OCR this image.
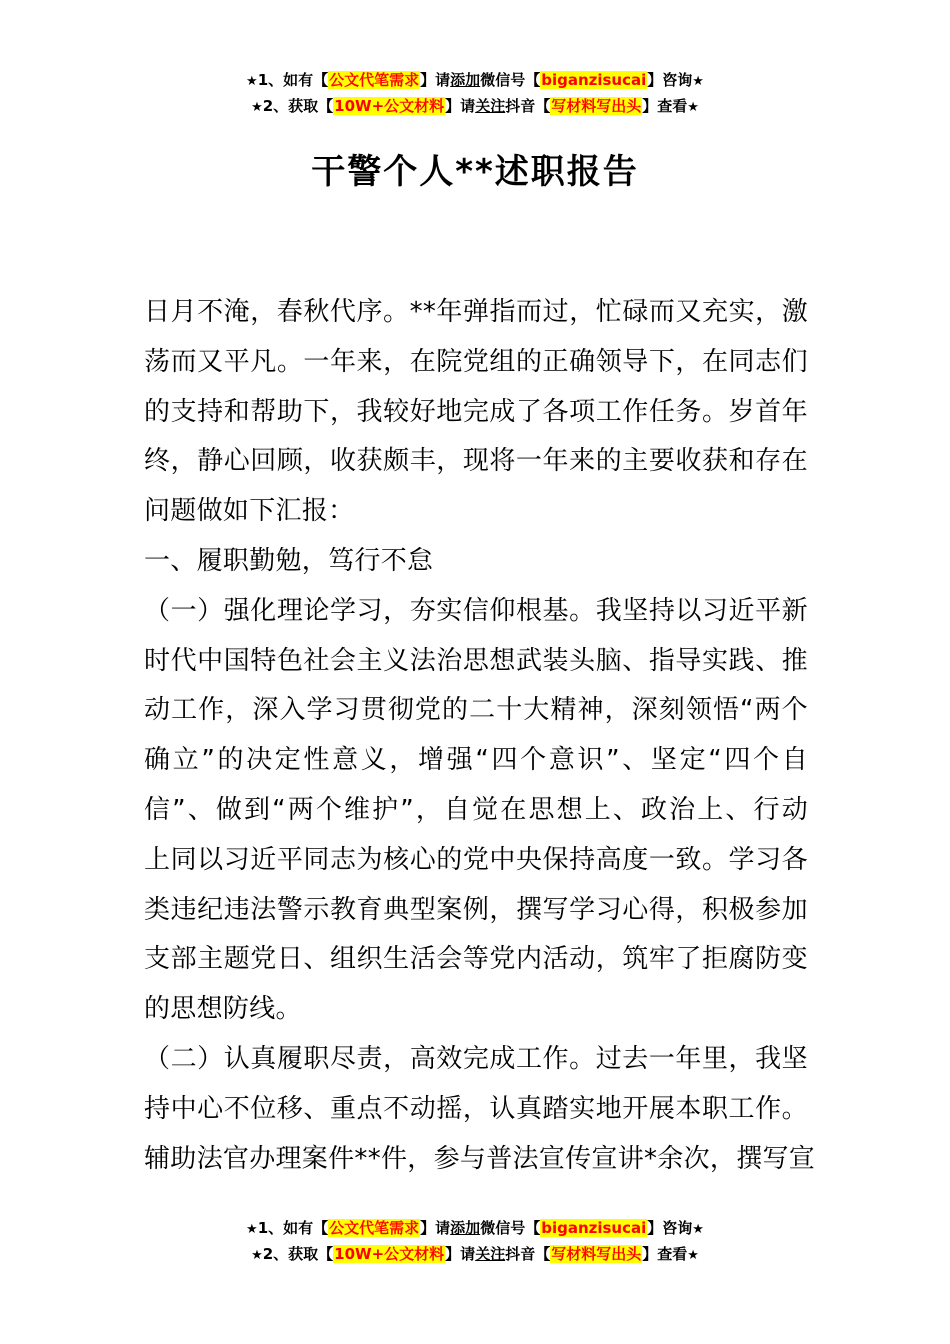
★1、如有【公文代笔需求】请添加微信号【biganzisucai】咨询★
★2、获取【10W+公文材料】请关注抖音【写材料写出头】查看★
干警个人**述职报告
日月不淹，春秋代序。**年弹指而过，忙碌而又充实，激
荡而又平凡。一年来，在院党组的正确领导下，在同志们
的支持和帮助下，我较好地完成了各项工作任务。岁首年
终，静心回顾，收获颇丰，现将一年来的主要收获和存在
问题做如下汇报：
一、履职勤勉，笃行不怠
（一）强化理论学习，夯实信仰根基。我坚持以习近平新
时代中国特色社会主义法治思想武装头脑、指导实践、推
动工作，深入学习贯彻党的二十大精神，深刻领悟“两个
确立”的决定性意义，增强“四个意识”、坚定“四个自
信”、做到“两个维护”，自觉在思想上、政治上、行动
上同以习近平同志为核心的党中央保持高度一致。学习各
类违纪违法警示教育典型案例，撰写学习心得，积极参加
支部主题党日、组织生活会等党内活动，筑牢了拒腐防变
的思想防线。
（二）认真履职尽责，高效完成工作。过去一年里，我坚
持中心不位移、重点不动摇，认真踏实地开展本职工作。
辅助法官办理案件**件，参与普法宣传宣讲*余次，撰写宣
★1、如有【公文代笔需求】请添加微信号【biganzisucai】咨询★
★2、获取【10W+公文材料】请关注抖音【写材料写出头】查看★
